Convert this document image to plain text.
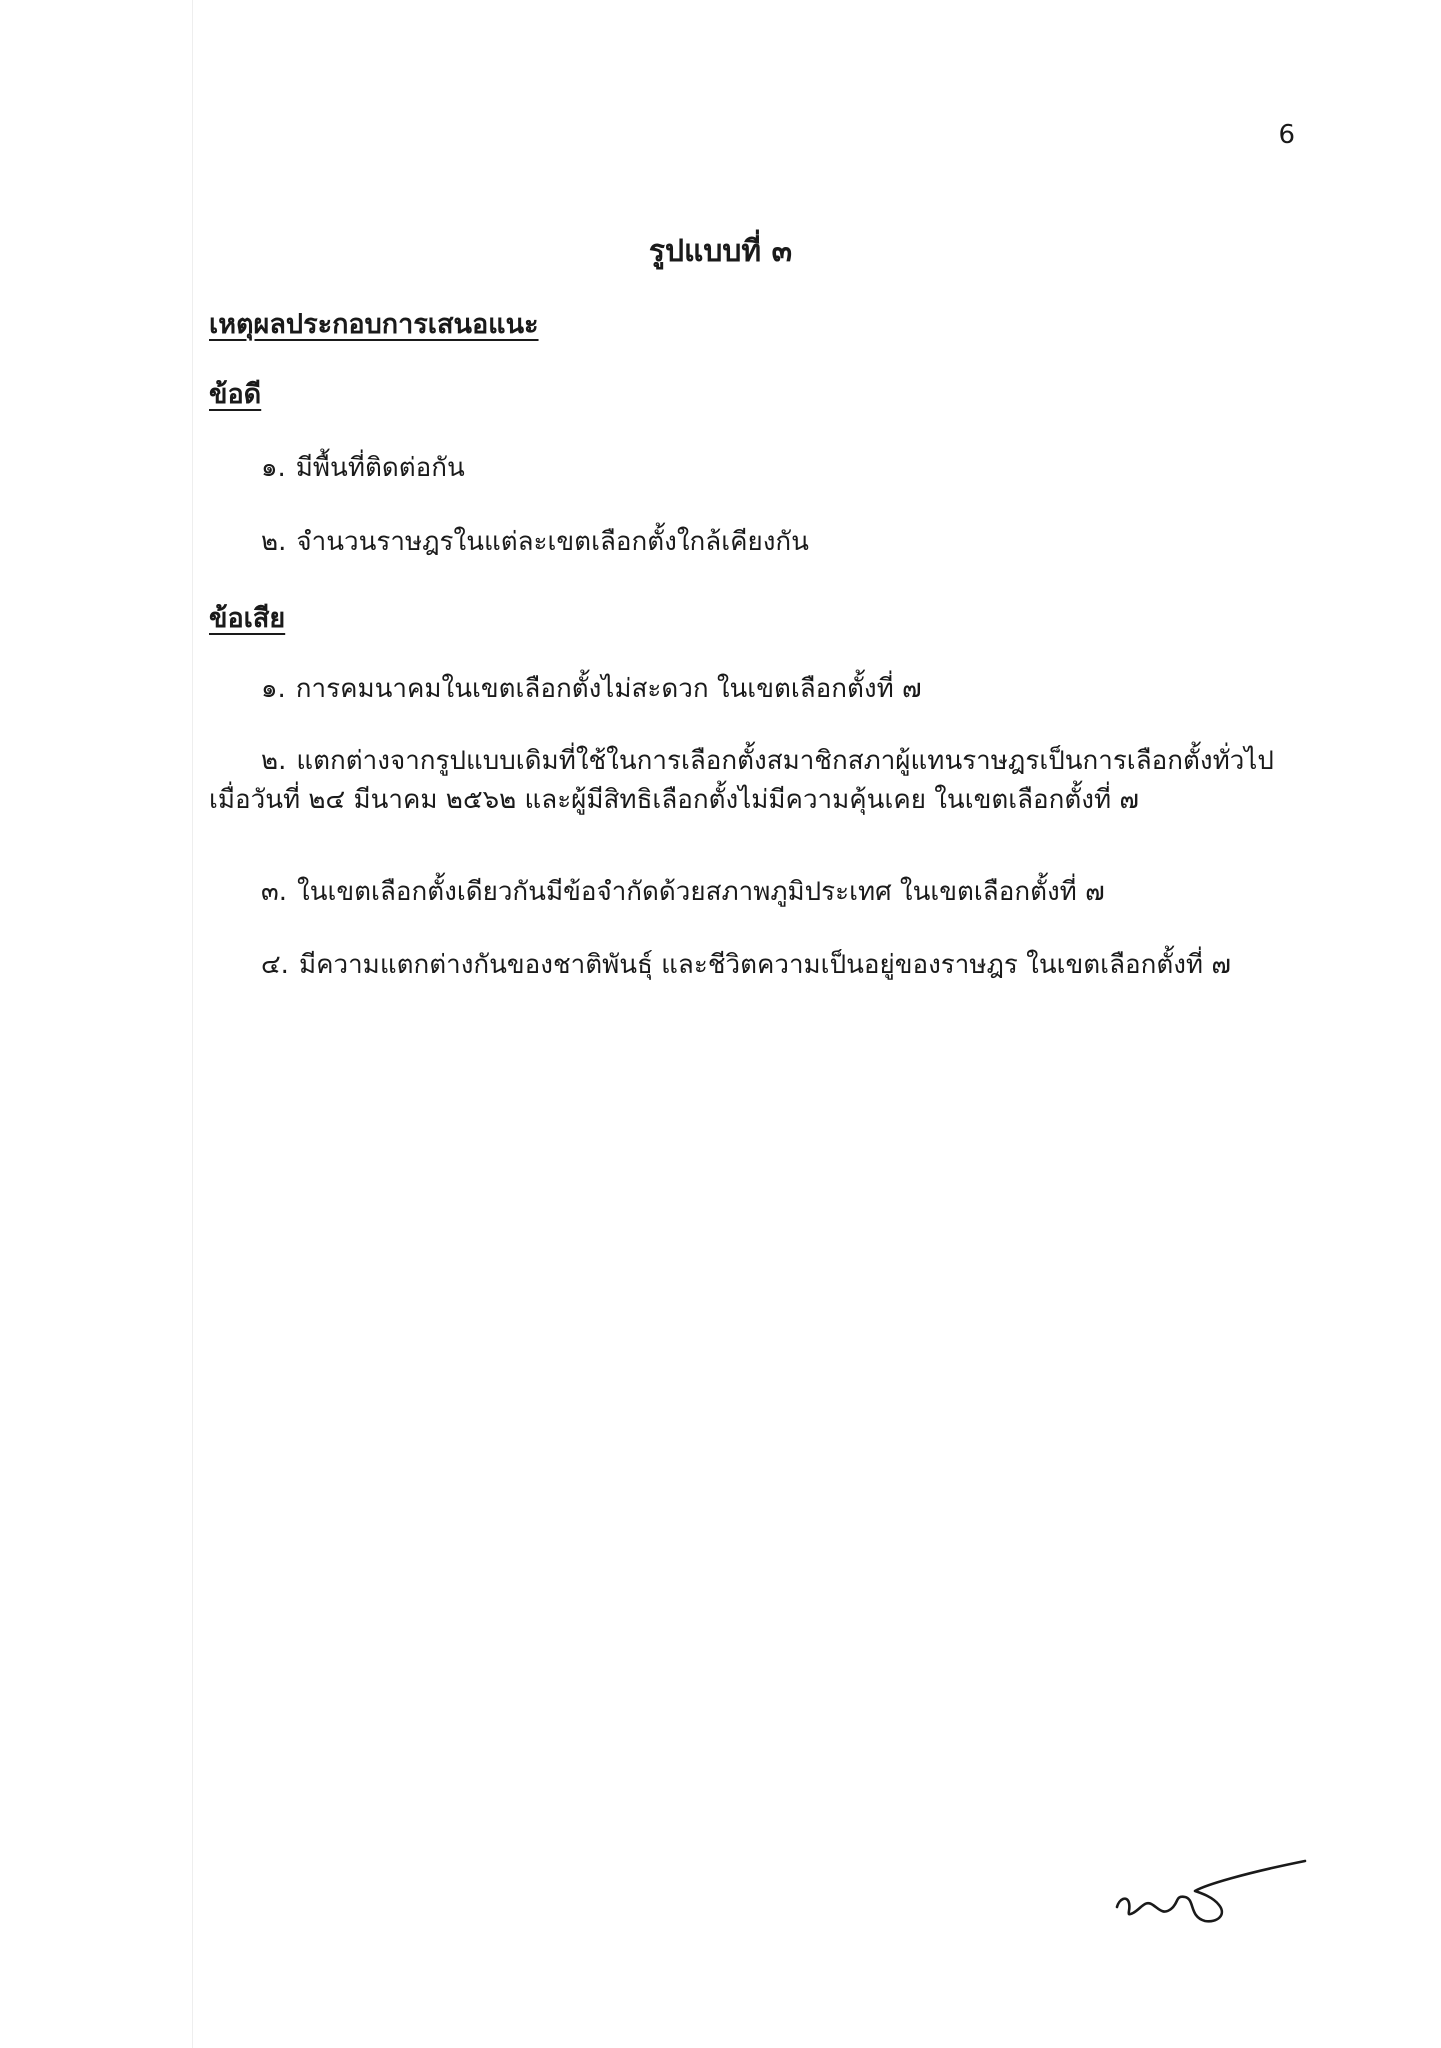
6
รูปแบบที่ ๓

เหตุผลประกอบการเสนอแนะ

ข้อดี

๑. มีพื้นที่ติดต่อกัน

๒. จำนวนราษฎรในแต่ละเขตเลือกตั้งใกล้เคียงกัน

ข้อเสีย

๑. การคมนาคมในเขตเลือกตั้งไม่สะดวก ในเขตเลือกตั้งที่ ๗

๒. แตกต่างจากรูปแบบเดิมที่ใช้ในการเลือกตั้งสมาชิกสภาผู้แทนราษฎรเป็นการเลือกตั้งทั่วไป
เมื่อวันที่ ๒๔ มีนาคม ๒๕๖๒ และผู้มีสิทธิเลือกตั้งไม่มีความคุ้นเคย ในเขตเลือกตั้งที่ ๗

๓. ในเขตเลือกตั้งเดียวกันมีข้อจำกัดด้วยสภาพภูมิประเทศ ในเขตเลือกตั้งที่ ๗

๔. มีความแตกต่างกันของชาติพันธุ์ และชีวิตความเป็นอยู่ของราษฎร ในเขตเลือกตั้งที่ ๗
